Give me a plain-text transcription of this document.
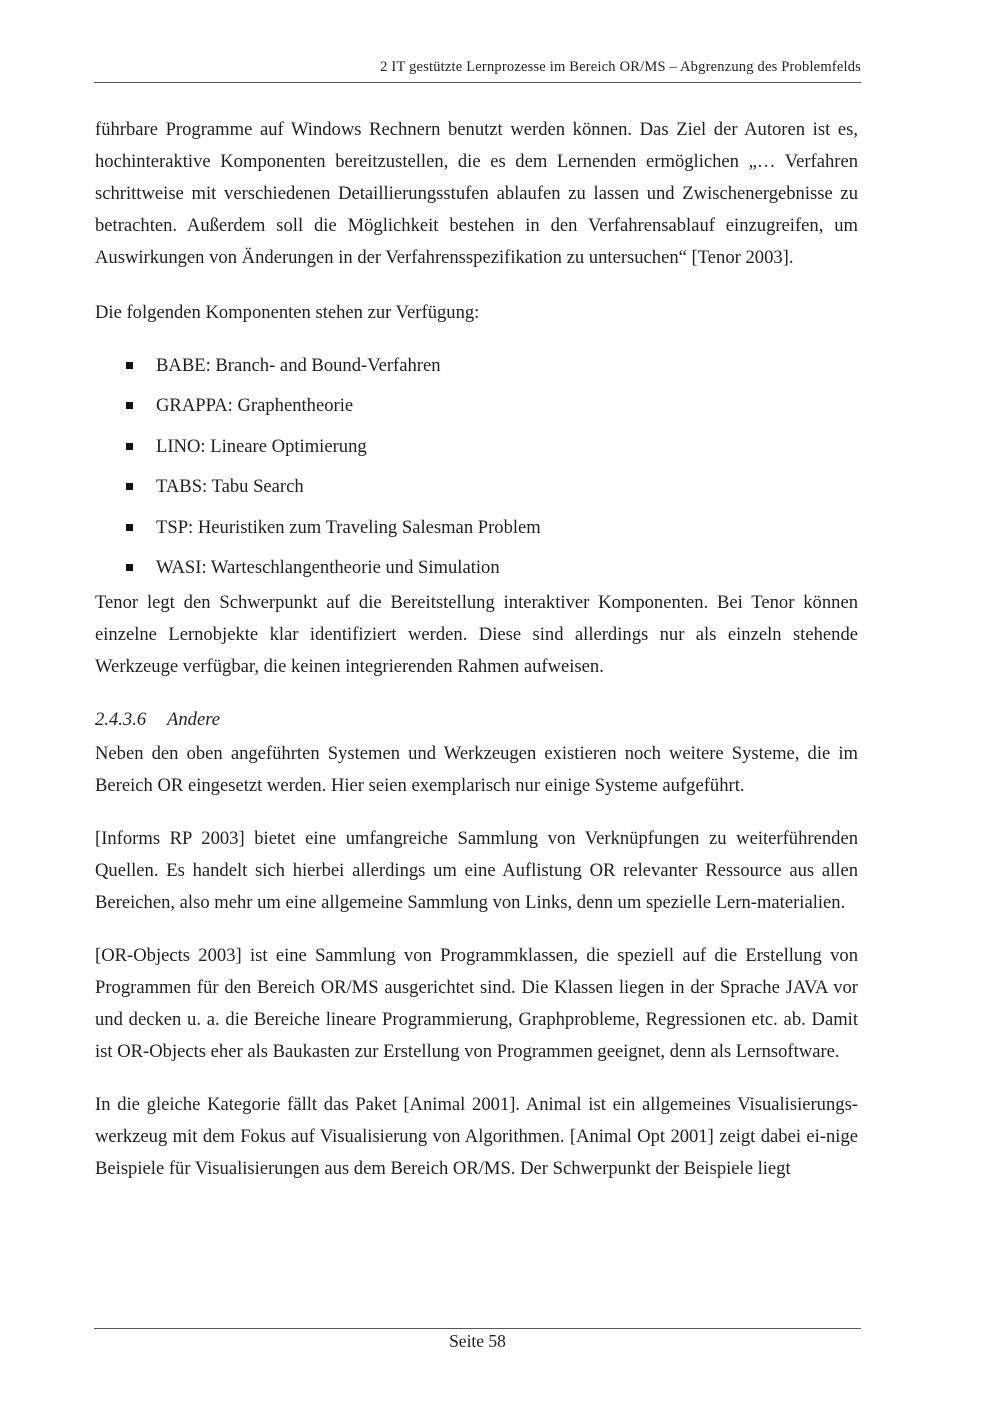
2 IT gestützte Lernprozesse im Bereich OR/MS – Abgrenzung des Problemfelds

führbare Programme auf Windows Rechnern benutzt werden können. Das Ziel der Autoren ist es, hochinteraktive Komponenten bereitzustellen, die es dem Lernenden ermöglichen „… Verfahren schrittweise mit verschiedenen Detaillierungsstufen ablaufen zu lassen und Zwischenergebnisse zu betrachten. Außerdem soll die Möglichkeit bestehen in den Verfahrensablauf einzugreifen, um Auswirkungen von Änderungen in der Verfahrensspezifikation zu untersuchen“ [Tenor 2003].

Die folgenden Komponenten stehen zur Verfügung:

BABE: Branch- and Bound-Verfahren
GRAPPA: Graphentheorie
LINO: Lineare Optimierung
TABS: Tabu Search
TSP: Heuristiken zum Traveling Salesman Problem
WASI: Warteschlangentheorie und Simulation

Tenor legt den Schwerpunkt auf die Bereitstellung interaktiver Komponenten. Bei Tenor können einzelne Lernobjekte klar identifiziert werden. Diese sind allerdings nur als einzeln stehende Werkzeuge verfügbar, die keinen integrierenden Rahmen aufweisen.

2.4.3.6 Andere

Neben den oben angeführten Systemen und Werkzeugen existieren noch weitere Systeme, die im Bereich OR eingesetzt werden. Hier seien exemplarisch nur einige Systeme aufgeführt.

[Informs RP 2003] bietet eine umfangreiche Sammlung von Verknüpfungen zu weiterführenden Quellen. Es handelt sich hierbei allerdings um eine Auflistung OR relevanter Ressource aus allen Bereichen, also mehr um eine allgemeine Sammlung von Links, denn um spezielle Lern-materialien.

[OR-Objects 2003] ist eine Sammlung von Programmklassen, die speziell auf die Erstellung von Programmen für den Bereich OR/MS ausgerichtet sind. Die Klassen liegen in der Sprache JAVA vor und decken u. a. die Bereiche lineare Programmierung, Graphprobleme, Regressionen etc. ab. Damit ist OR-Objects eher als Baukasten zur Erstellung von Programmen geeignet, denn als Lernsoftware.

In die gleiche Kategorie fällt das Paket [Animal 2001]. Animal ist ein allgemeines Visualisierungs-werkzeug mit dem Fokus auf Visualisierung von Algorithmen. [Animal Opt 2001] zeigt dabei ei-nige Beispiele für Visualisierungen aus dem Bereich OR/MS. Der Schwerpunkt der Beispiele liegt

Seite 58
